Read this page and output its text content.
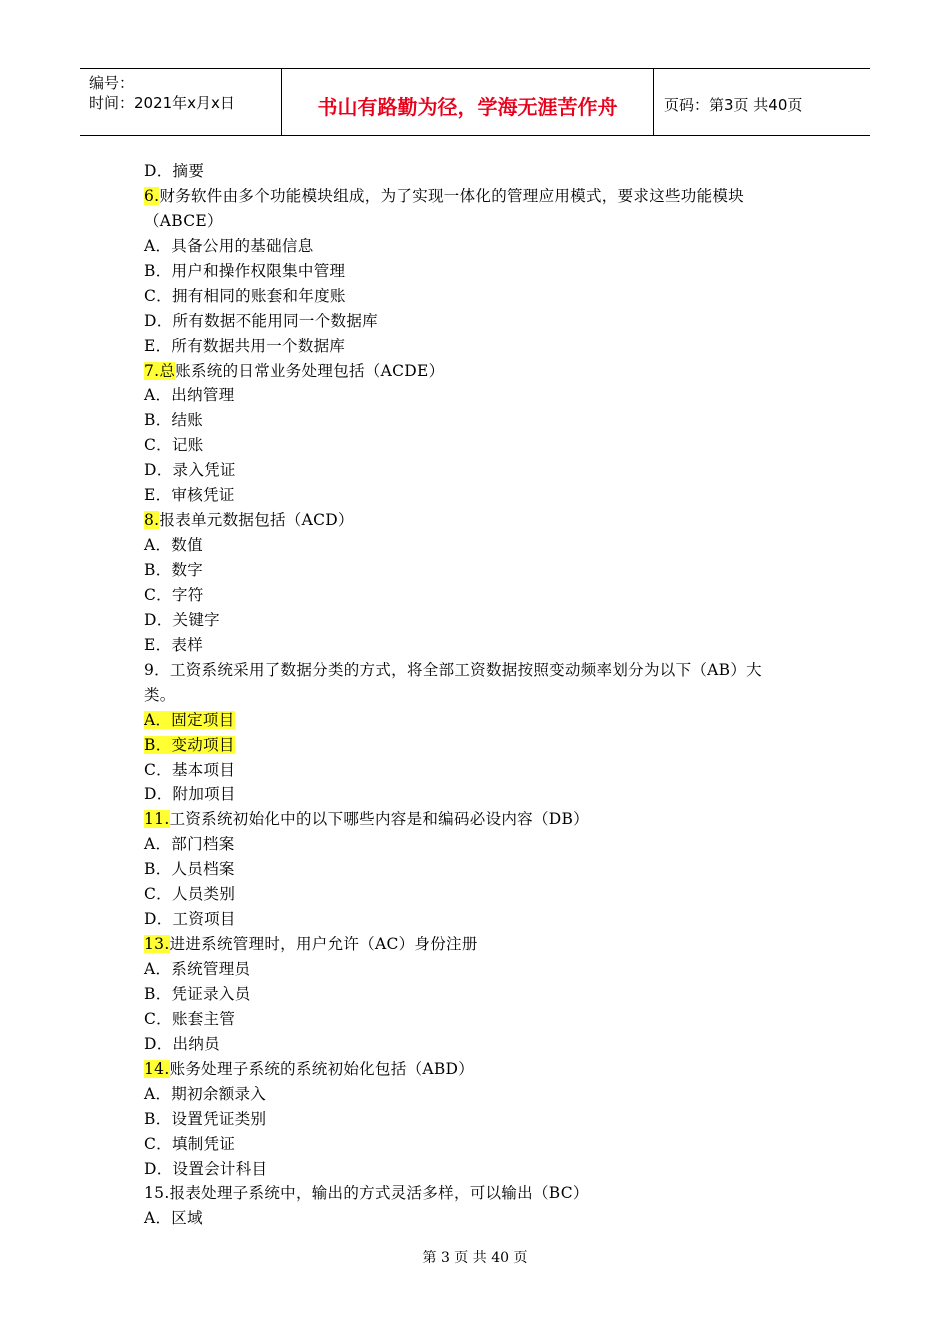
编号：
时间：2021年x月x日	书山有路勤为径，学海无涯苦作舟	页码：第3页 共40页
D．摘要
6.财务软件由多个功能模块组成，为了实现一体化的管理应用模式，要求这些功能模块
（ABCE）
A．具备公用的基础信息
B．用户和操作权限集中管理
C．拥有相同的账套和年度账
D．所有数据不能用同一个数据库
E．所有数据共用一个数据库
7.总账系统的日常业务处理包括（ACDE）
A．出纳管理
B．结账
C．记账
D．录入凭证
E．审核凭证
8.报表单元数据包括（ACD）
A．数值
B．数字
C．字符
D．关键字
E．表样
9．工资系统采用了数据分类的方式，将全部工资数据按照变动频率划分为以下（AB）大
类。
A．固定项目
B．变动项目
C．基本项目
D．附加项目
11.工资系统初始化中的以下哪些内容是和编码必设内容（DB）
A．部门档案
B．人员档案
C．人员类别
D．工资项目
13.进进系统管理时，用户允许（AC）身份注册
A．系统管理员
B．凭证录入员
C．账套主管
D．出纳员
14.账务处理子系统的系统初始化包括（ABD）
A．期初余额录入
B．设置凭证类别
C．填制凭证
D．设置会计科目
15.报表处理子系统中，输出的方式灵活多样，可以输出（BC）
A．区域
第 3 页 共 40 页
